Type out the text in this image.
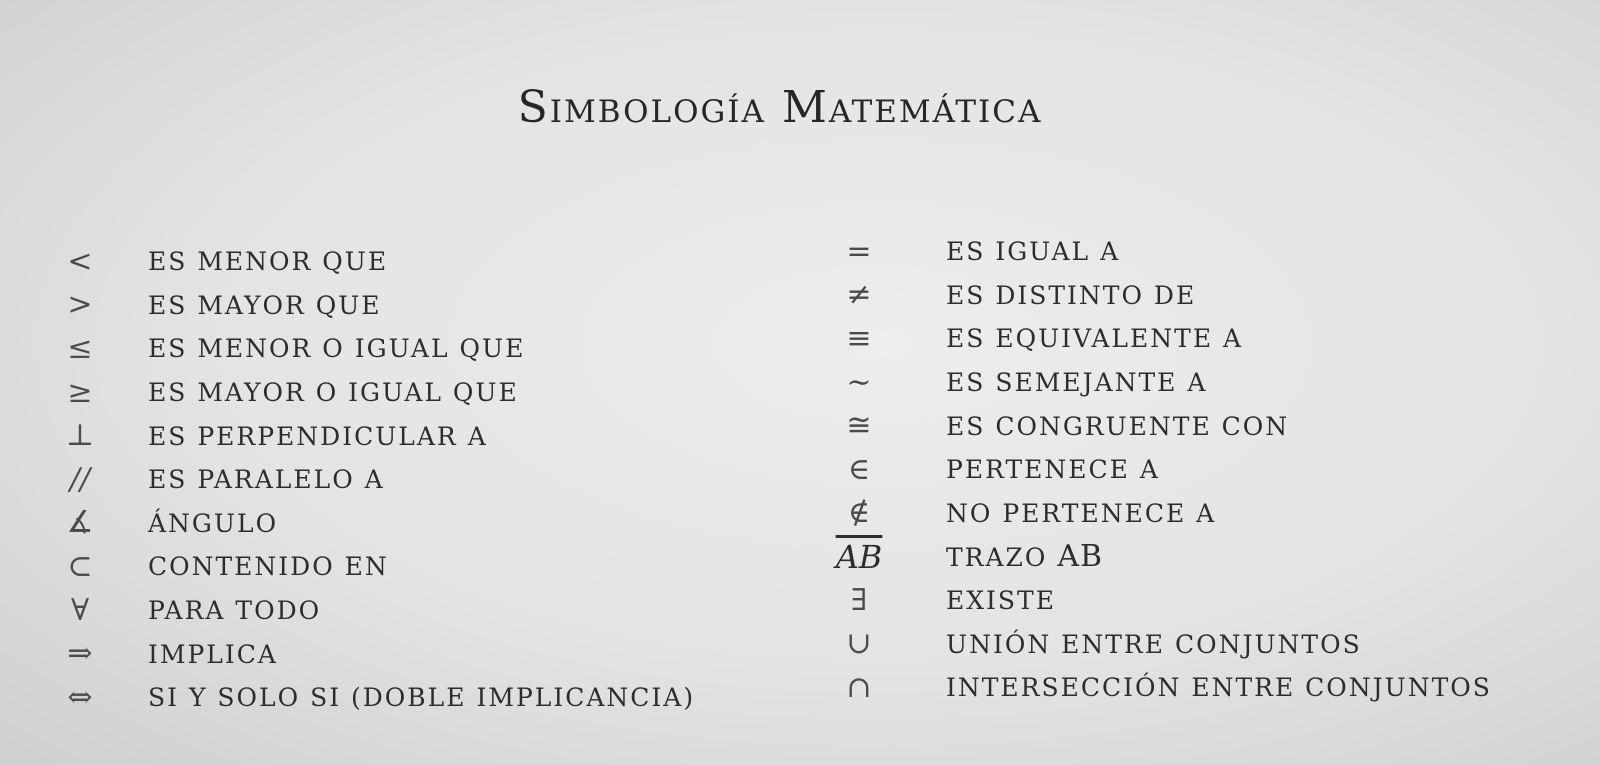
Simbología Matemática
<	ES MENOR QUE
>	ES MAYOR QUE
≤	ES MENOR O IGUAL QUE
≥	ES MAYOR O IGUAL QUE
⊥	ES PERPENDICULAR A
//	ES PARALELO A
∡	ÁNGULO
⊂	CONTENIDO EN
∀	PARA TODO
⇒	IMPLICA
⇔	SI Y SOLO SI (DOBLE IMPLICANCIA)
=	ES IGUAL A
≠	ES DISTINTO DE
≡	ES EQUIVALENTE A
∼	ES SEMEJANTE A
≅	ES CONGRUENTE CON
∈	PERTENECE A
∉	NO PERTENECE A
$\overline{AB}$	TRAZO AB
∃	EXISTE
∪	UNIÓN ENTRE CONJUNTOS
∩	INTERSECCIÓN ENTRE CONJUNTOS
